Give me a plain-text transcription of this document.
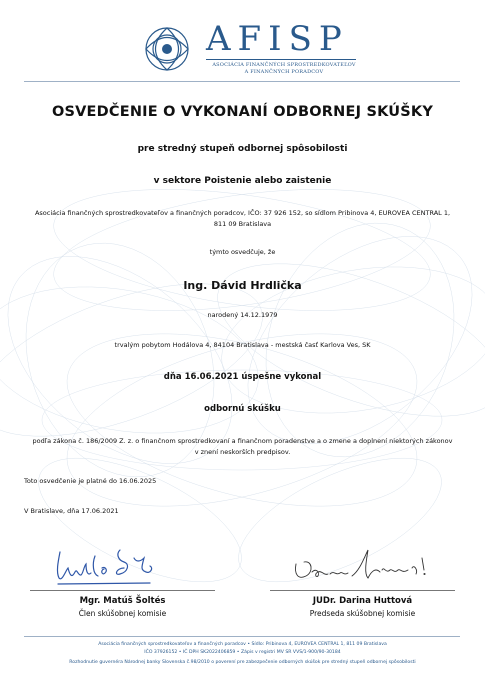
AFISP
ASOCIÁCIA FINANČNÝCH SPROSTREDKOVATEĽOV
A FINANČNÝCH PORADCOV
OSVEDČENIE O VYKONANÍ ODBORNEJ SKÚŠKY
pre stredný stupeň odbornej spôsobilosti
v sektore Poistenie alebo zaistenie
Asociácia finančných sprostredkovateľov a finančných poradcov, IČO: 37 926 152, so sídlom Pribinova 4, EUROVEA CENTRAL 1, 811 09 Bratislava
týmto osvedčuje, že
Ing. Dávid Hrdlička
narodený 14.12.1979
trvalým pobytom Hodálova 4, 84104 Bratislava - mestská časť Karlova Ves, SK
dňa 16.06.2021 úspešne vykonal
odbornú skúšku
podľa zákona č. 186/2009 Z. z. o finančnom sprostredkovaní a finančnom poradenstve a o zmene a doplnení niektorých zákonov v znení neskorších predpisov.
Toto osvedčenie je platné do 16.06.2025
V Bratislave, dňa 17.06.2021
Mgr. Matúš Šoltés
Člen skúšobnej komisie
JUDr. Darina Huttová
Predseda skúšobnej komisie
Asociácia finančných sprostredkovateľov a finančných poradcov • Sídlo: Pribinova 4, EUROVEA CENTRAL 1, 811 09 Bratislava
IČO 37926152 • IČ DPH SK2022406859 • Zápis v registri MV SR VVS/1-900/90-30184
Rozhodnutie guvernéra Národnej banky Slovenska č.98/2010 o poverení pre zabezpečenie odborných skúšok pre stredný stupeň odbornej spôsobilosti
